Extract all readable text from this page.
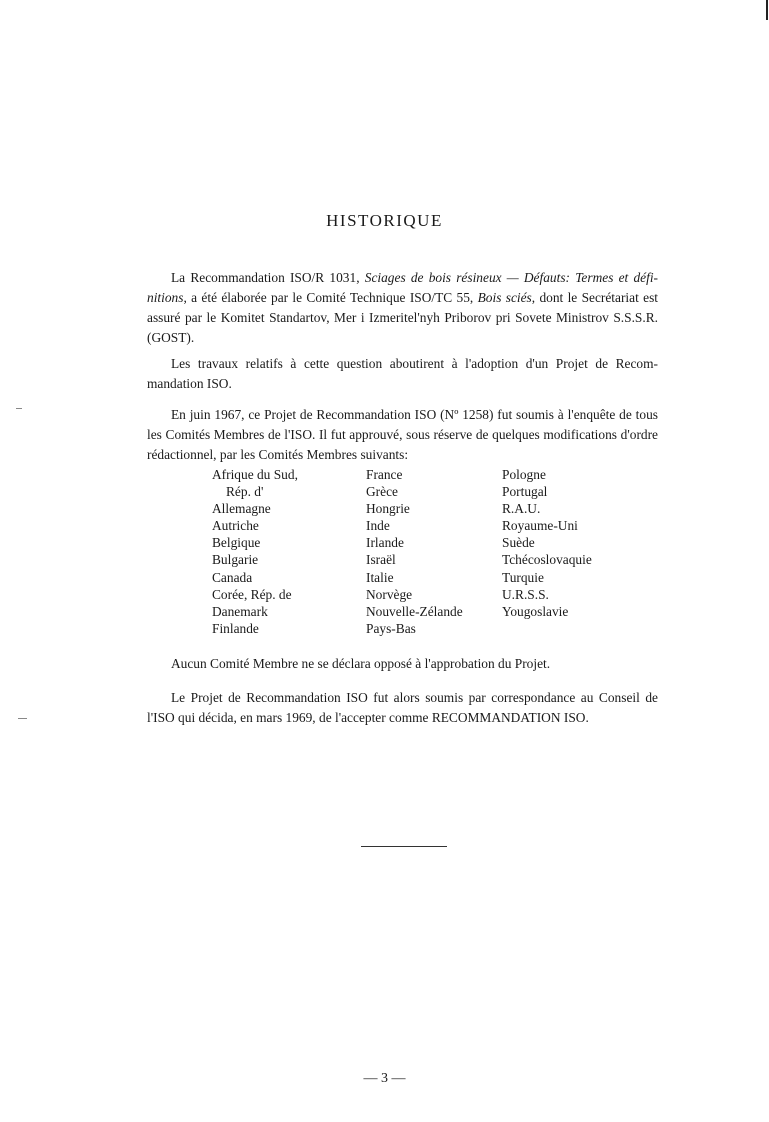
HISTORIQUE

La Recommandation ISO/R 1031, Sciages de bois résineux — Défauts: Termes et défi-nitions, a été élaborée par le Comité Technique ISO/TC 55, Bois sciés, dont le Secrétariat est assuré par le Komitet Standartov, Mer i Izmeritel'nyh Priborov pri Sovete Ministrov S.S.S.R. (GOST).

Les travaux relatifs à cette question aboutirent à l'adoption d'un Projet de Recom-mandation ISO.

En juin 1967, ce Projet de Recommandation ISO (Nº 1258) fut soumis à l'enquête de tous les Comités Membres de l'ISO. Il fut approuvé, sous réserve de quelques modifications d'ordre rédactionnel, par les Comités Membres suivants:

Afrique du Sud,
Rép. d'
Allemagne
Autriche
Belgique
Bulgarie
Canada
Corée, Rép. de
Danemark
Finlande
France
Grèce
Hongrie
Inde
Irlande
Israël
Italie
Norvège
Nouvelle-Zélande
Pays-Bas
Pologne
Portugal
R.A.U.
Royaume-Uni
Suède
Tchécoslovaquie
Turquie
U.R.S.S.
Yougoslavie

Aucun Comité Membre ne se déclara opposé à l'approbation du Projet.

Le Projet de Recommandation ISO fut alors soumis par correspondance au Conseil de l'ISO qui décida, en mars 1969, de l'accepter comme RECOMMANDATION ISO.

— 3 —
